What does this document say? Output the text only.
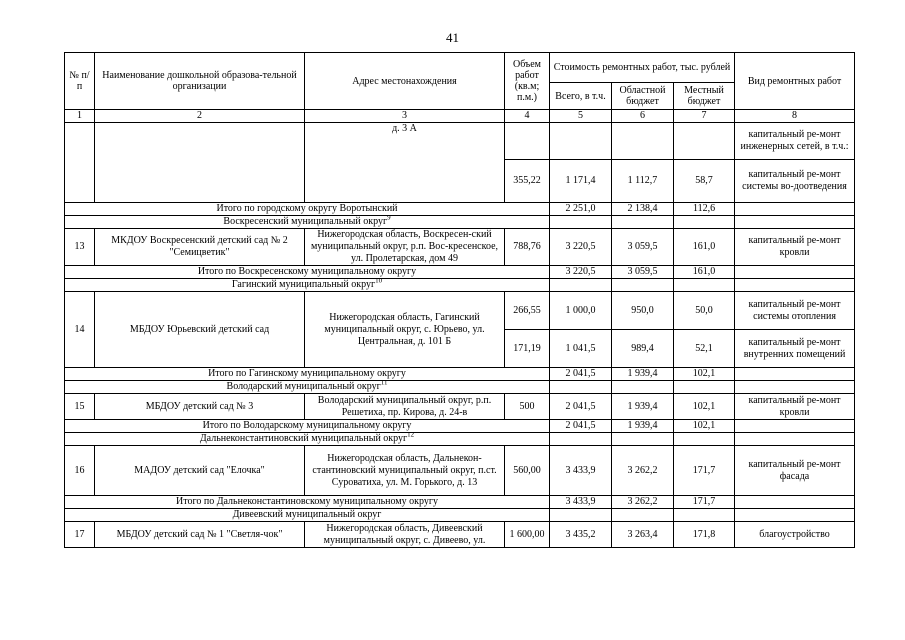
41
№ п/п	Наименование дошкольной образова-тельной организации	Адрес местонахождения	Объем работ (кв.м; п.м.)	Стоимость ремонтных работ, тыс. рублей			Вид ремонтных работ
				Всего, в т.ч.	Областной бюджет	Местный бюджет	
1	2	3	4	5	6	7	8
		д. 3 А					капитальный ре-монт инженерных сетей, в т.ч.:
			355,22	1 171,4	1 112,7	58,7	капитальный ре-монт системы во-доотведения
Итого по городскому округу Воротынский				2 251,0	2 138,4	112,6	
Воскресенский муниципальный округ$^9$				
13	МКДОУ Воскресенский детский сад № 2 "Семицветик"	Нижегородская область, Воскресен-ский муниципальный округ, р.п. Вос-кресенское, ул. Пролетарская, дом 49	788,76	3 220,5	3 059,5	161,0	капитальный ре-монт кровли
Итого по Воскресенскому муниципальному округу				3 220,5	3 059,5	161,0	
Гагинский муниципальный округ$^{10}$				
14	МБДОУ Юрьевский детский сад	Нижегородская область, Гагинский муниципальный округ, с. Юрьево, ул. Центральная, д. 101 Б	266,55	1 000,0	950,0	50,0	капитальный ре-монт системы отопления
			171,19	1 041,5	989,4	52,1	капитальный ре-монт внутренних помещений
Итого по Гагинскому муниципальному округу				2 041,5	1 939,4	102,1	
Володарский муниципальный округ$^{11}$				
15	МБДОУ детский сад № 3	Володарский муниципальный округ, р.п. Решетиха, пр. Кирова, д. 24-в	500	2 041,5	1 939,4	102,1	капитальный ре-монт кровли
Итого по Володарскому муниципальному округу				2 041,5	1 939,4	102,1	
Дальнеконстантиновский муниципальный округ$^{12}$				
16	МАДОУ детский сад "Елочка"	Нижегородская область, Дальнекон-стантиновский муниципальный округ, п.ст. Суроватиха, ул. М. Горького, д. 13	560,00	3 433,9	3 262,2	171,7	капитальный ре-монт фасада
Итого по Дальнеконстантиновскому муниципальному округу				3 433,9	3 262,2	171,7	
Дивеевский муниципальный округ							
17	МБДОУ детский сад № 1 "Светля-чок"	Нижегородская область, Дивеевский муниципальный округ, с. Дивеево, ул.	1 600,00	3 435,2	3 263,4	171,8	благоустройство
